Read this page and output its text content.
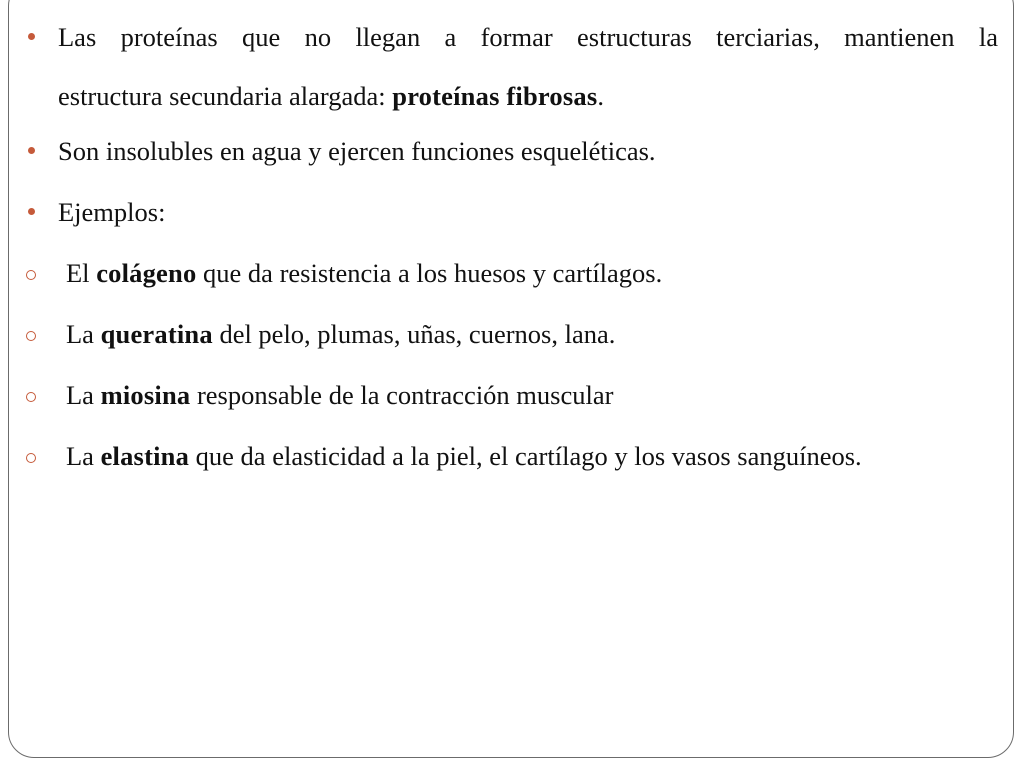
Las proteínas que no llegan a formar estructuras terciarias, mantienen la
estructura secundaria alargada: proteínas fibrosas.
Son insolubles en agua y ejercen funciones esqueléticas.
Ejemplos:
El colágeno que da resistencia a los huesos y cartílagos.
La queratina del pelo, plumas, uñas, cuernos, lana.
La miosina responsable de la contracción muscular
La elastina que da elasticidad a la piel, el cartílago y los vasos sanguíneos.
